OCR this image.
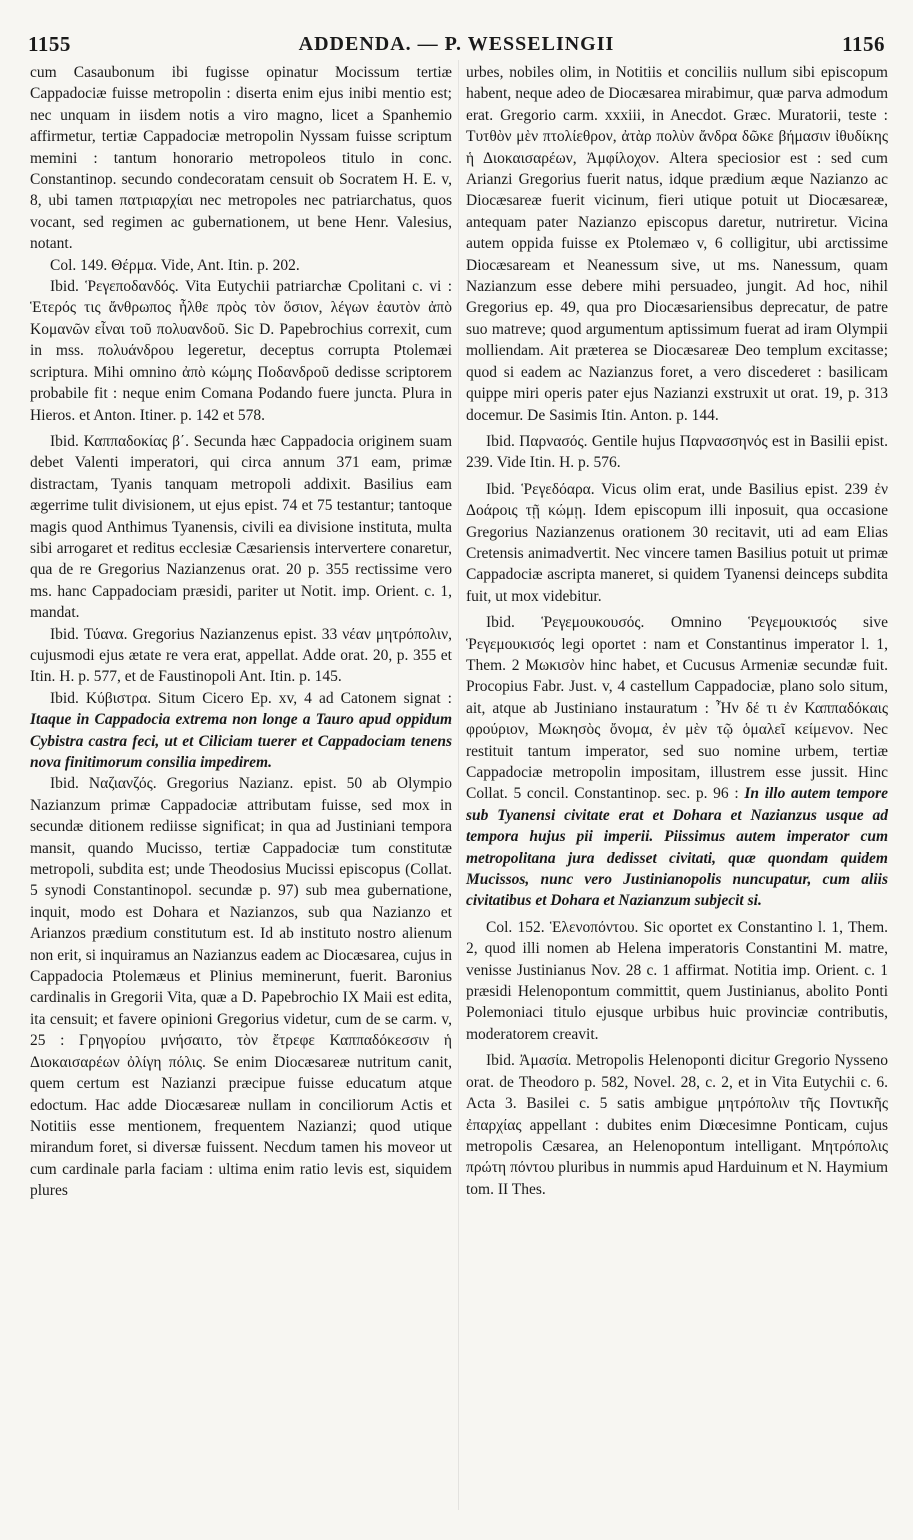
1155	ADDENDA. — P. WESSELINGII	1156

cum Casaubonum ibi fugisse opinatur Mocissum tertiæ Cappadociæ fuisse metropolin : diserta enim ejus inibi mentio est; nec unquam in iisdem notis a viro magno, licet a Spanhemio affirmetur, tertiæ Cappadociæ metropolin Nyssam fuisse scriptum memini : tantum honorario metropoleos titulo in conc. Constantinop. secundo condecoratam censuit ob Socratem H. E. v, 8, ubi tamen πατριαρχίαι nec metropoles nec patriarchatus, quos vocant, sed regimen ac gubernationem, ut bene Henr. Valesius, notant.

Col. 149. Θέρμα. Vide, Ant. Itin. p. 202.

Ibid. Ῥεγεποδανδός. Vita Eutychii patriarchæ Cpolitani c. vi : Ἑτερός τις ἄνθρωπος ἦλθε πρὸς τὸν ὅσιον, λέγων ἑαυτὸν ἀπὸ Κομανῶν εἶναι τοῦ πολυανδοῦ. Sic D. Papebrochius correxit, cum in mss. πολυάνδρου legeretur, deceptus corrupta Ptolemæi scriptura. Mihi omnino ἀπὸ κώμης Ποδανδροῦ dedisse scriptorem probabile fit : neque enim Comana Podando fuere juncta. Plura in Hieros. et Anton. Itiner. p. 142 et 578.

Ibid. Καππαδοκίας β΄. Secunda hæc Cappadocia originem suam debet Valenti imperatori, qui circa annum 371 eam, primæ distractam, Tyanis tanquam metropoli addixit. Basilius eam ægerrime tulit divisionem, ut ejus epist. 74 et 75 testantur; tantoque magis quod Anthimus Tyanensis, civili ea divisione instituta, multa sibi arrogaret et reditus ecclesiæ Cæsariensis intervertere conaretur, qua de re Gregorius Nazianzenus orat. 20 p. 355 rectissime vero ms. hanc Cappadociam præsidi, pariter ut Notit. imp. Orient. c. 1, mandat.

Ibid. Τύανα. Gregorius Nazianzenus epist. 33 νέαν μητρόπολιν, cujusmodi ejus ætate re vera erat, appellat. Adde orat. 20, p. 355 et Itin. H. p. 577, et de Faustinopoli Ant. Itin. p. 145.

Ibid. Κύβιστρα. Situm Cicero Ep. xv, 4 ad Catonem signat : Itaque in Cappadocia extrema non longe a Tauro apud oppidum Cybistra castra feci, ut et Ciliciam tuerer et Cappadociam tenens nova finitimorum consilia impedirem.

Ibid. Ναζιανζός. Gregorius Nazianz. epist. 50 ab Olympio Nazianzum primæ Cappadociæ attributam fuisse, sed mox in secundæ ditionem rediisse significat; in qua ad Justiniani tempora mansit, quando Mucisso, tertiæ Cappadociæ tum constitutæ metropoli, subdita est; unde Theodosius Mucissi episcopus (Collat. 5 synodi Constantinopol. secundæ p. 97) sub mea gubernatione, inquit, modo est Dohara et Nazianzos, sub qua Nazianzo et Arianzos prædium constitutum est. Id ab instituto nostro alienum non erit, si inquiramus an Nazianzus eadem ac Diocæsarea, cujus in Cappadocia Ptolemæus et Plinius meminerunt, fuerit. Baronius cardinalis in Gregorii Vita, quæ a D. Papebrochio IX Maii est edita, ita censuit; et favere opinioni Gregorius videtur, cum de se carm. v, 25 : Γρηγορίου μνήσαιτο, τὸν ἔτρεφε Καππαδόκεσσιν ἡ Διοκαισαρέων ὀλίγη πόλις. Se enim Diocæsareæ nutritum canit, quem certum est Nazianzi præcipue fuisse educatum atque edoctum. Hac adde Diocæsareæ nullam in conciliorum Actis et Notitiis esse mentionem, frequentem Nazianzi; quod utique mirandum foret, si diversæ fuissent. Necdum tamen his moveor ut cum cardinale parla faciam : ultima enim ratio levis est, siquidem plures

urbes, nobiles olim, in Notitiis et conciliis nullum sibi episcopum habent, neque adeo de Diocæsarea mirabimur, quæ parva admodum erat. Gregorio carm. xxxiii, in Anecdot. Græc. Muratorii, teste : Τυτθὸν μὲν πτολίεθρον, ἀτὰρ πολὺν ἄνδρα δῶκε βήμασιν ἰθυδίκης ἡ Διοκαισαρέων, Ἀμφίλοχον. Altera speciosior est : sed cum Arianzi Gregorius fuerit natus, idque prædium æque Nazianzo ac Diocæsareæ fuerit vicinum, fieri utique potuit ut Diocæsareæ, antequam pater Nazianzo episcopus daretur, nutriretur. Vicina autem oppida fuisse ex Ptolemæo v, 6 colligitur, ubi arctissime Diocæsaream et Neanessum sive, ut ms. Nanessum, quam Nazianzum esse debere mihi persuadeo, jungit. Ad hoc, nihil Gregorius ep. 49, qua pro Diocæsariensibus deprecatur, de patre suo matreve; quod argumentum aptissimum fuerat ad iram Olympii molliendam. Ait præterea se Diocæsareæ Deo templum excitasse; quod si eadem ac Nazianzus foret, a vero discederet : basilicam quippe miri operis pater ejus Nazianzi exstruxit ut orat. 19, p. 313 docemur. De Sasimis Itin. Anton. p. 144.

Ibid. Παρνασός. Gentile hujus Παρνασσηνός est in Basilii epist. 239. Vide Itin. H. p. 576.

Ibid. Ῥεγεδόαρα. Vicus olim erat, unde Basilius epist. 239 ἐν Δοάροις τῇ κώμῃ. Idem episcopum illi inposuit, qua occasione Gregorius Nazianzenus orationem 30 recitavit, uti ad eam Elias Cretensis animadvertit. Nec vincere tamen Basilius potuit ut primæ Cappadociæ ascripta maneret, si quidem Tyanensi deinceps subdita fuit, ut mox videbitur.

Ibid. Ῥεγεμουκουσός. Omnino Ῥεγεμουκισός sive Ῥεγεμουκισός legi oportet : nam et Constantinus imperator l. 1, Them. 2 Μωκισὸν hinc habet, et Cucusus Armeniæ secundæ fuit. Procopius Fabr. Just. v, 4 castellum Cappadociæ, plano solo situm, ait, atque ab Justiniano instauratum : Ἦν δέ τι ἐν Καππαδόκαις φρούριον, Μωκησὸς ὄνομα, ἐν μὲν τῷ ὁμαλεῖ κείμενον. Nec restituit tantum imperator, sed suo nomine urbem, tertiæ Cappadociæ metropolin impositam, illustrem esse jussit. Hinc Collat. 5 concil. Constantinop. sec. p. 96 : In illo autem tempore sub Tyanensi civitate erat et Dohara et Nazianzus usque ad tempora hujus pii imperii. Piissimus autem imperator cum metropolitana jura dedisset civitati, quæ quondam quidem Mucissos, nunc vero Justinianopolis nuncupatur, cum aliis civitatibus et Dohara et Nazianzum subjecit si.

Col. 152. Ἑλενοπόντου. Sic oportet ex Constantino l. 1, Them. 2, quod illi nomen ab Helena imperatoris Constantini M. matre, venisse Justinianus Nov. 28 c. 1 affirmat. Notitia imp. Orient. c. 1 præsidi Helenopontum committit, quem Justinianus, abolito Ponti Polemoniaci titulo ejusque urbibus huic provinciæ contributis, moderatorem creavit.

Ibid. Ἀμασία. Metropolis Helenoponti dicitur Gregorio Nysseno orat. de Theodoro p. 582, Novel. 28, c. 2, et in Vita Eutychii c. 6. Acta 3. Basilei c. 5 satis ambigue μητρόπολιν τῆς Ποντικῆς ἐπαρχίας appellant : dubites enim Diœcesimne Ponticam, cujus metropolis Cæsarea, an Helenopontum intelligant. Μητρόπολις πρώτη πόντου pluribus in nummis apud Harduinum et N. Haymium tom. II Thes.
